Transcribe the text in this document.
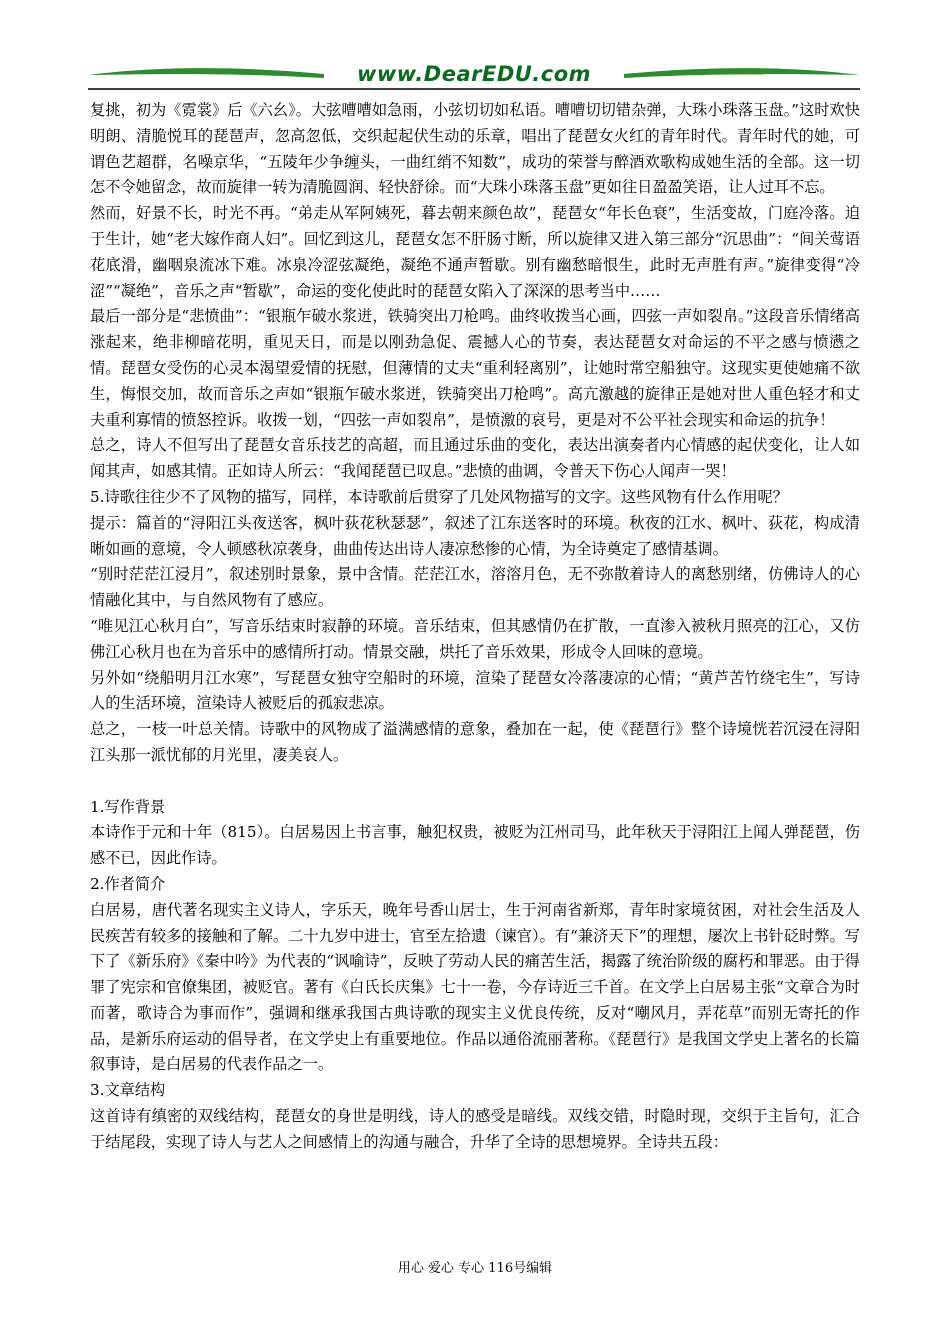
www.DearEDU.com

复挑，初为《霓裳》后《六幺》。大弦嘈嘈如急雨，小弦切切如私语。嘈嘈切切错杂弹，大珠小珠落玉盘。”这时欢快明朗、清脆悦耳的琵琶声，忽高忽低，交织起起伏生动的乐章，唱出了琵琶女火红的青年时代。青年时代的她，可谓色艺超群，名噪京华，“五陵年少争缠头，一曲红绡不知数”，成功的荣誉与醉酒欢歌构成她生活的全部。这一切怎不令她留念，故而旋律一转为清脆圆润、轻快舒徐。而“大珠小珠落玉盘”更如往日盈盈笑语，让人过耳不忘。

然而，好景不长，时光不再。“弟走从军阿姨死，暮去朝来颜色故”，琵琶女“年长色衰”，生活变故，门庭冷落。迫于生计，她“老大嫁作商人妇”。回忆到这儿，琵琶女怎不肝肠寸断，所以旋律又进入第三部分“沉思曲”：“间关莺语花底滑，幽咽泉流冰下难。冰泉冷涩弦凝绝，凝绝不通声暂歇。别有幽愁暗恨生，此时无声胜有声。”旋律变得“冷涩”“凝绝”，音乐之声“暂歇”，命运的变化使此时的琵琶女陷入了深深的思考当中……

最后一部分是“悲愤曲”：“银瓶乍破水浆迸，铁骑突出刀枪鸣。曲终收拨当心画，四弦一声如裂帛。”这段音乐情绪高涨起来，绝非柳暗花明，重见天日，而是以刚劲急促、震撼人心的节奏，表达琵琶女对命运的不平之感与愤懑之情。琵琶女受伤的心灵本渴望爱情的抚慰，但薄情的丈夫“重利轻离别”，让她时常空船独守。这现实更使她痛不欲生，悔恨交加，故而音乐之声如“银瓶乍破水浆迸，铁骑突出刀枪鸣”。高亢激越的旋律正是她对世人重色轻才和丈夫重利寡情的愤怒控诉。收拨一划，“四弦一声如裂帛”，是愤激的哀号，更是对不公平社会现实和命运的抗争！

总之，诗人不但写出了琵琶女音乐技艺的高超，而且通过乐曲的变化，表达出演奏者内心情感的起伏变化，让人如闻其声，如感其情。正如诗人所云：“我闻琵琶已叹息。”悲愤的曲调，令普天下伤心人闻声一哭！

5.诗歌往往少不了风物的描写，同样，本诗歌前后贯穿了几处风物描写的文字。这些风物有什么作用呢？

提示：篇首的“浔阳江头夜送客，枫叶荻花秋瑟瑟”，叙述了江东送客时的环境。秋夜的江水、枫叶、荻花，构成清晰如画的意境，令人顿感秋凉袭身，曲曲传达出诗人凄凉愁惨的心情，为全诗奠定了感情基调。

“别时茫茫江浸月”，叙述别时景象，景中含情。茫茫江水，溶溶月色，无不弥散着诗人的离愁别绪，仿佛诗人的心情融化其中，与自然风物有了感应。

“唯见江心秋月白”，写音乐结束时寂静的环境。音乐结束，但其感情仍在扩散，一直渗入被秋月照亮的江心，又仿佛江心秋月也在为音乐中的感情所打动。情景交融，烘托了音乐效果，形成令人回味的意境。

另外如“绕船明月江水寒”，写琵琶女独守空船时的环境，渲染了琵琶女冷落凄凉的心情；“黄芦苦竹绕宅生”，写诗人的生活环境，渲染诗人被贬后的孤寂悲凉。

总之，一枝一叶总关情。诗歌中的风物成了溢满感情的意象，叠加在一起，使《琵琶行》整个诗境恍若沉浸在浔阳江头那一派忧郁的月光里，凄美哀人。

1.写作背景

本诗作于元和十年（815）。白居易因上书言事，触犯权贵，被贬为江州司马，此年秋天于浔阳江上闻人弹琵琶，伤感不已，因此作诗。

2.作者简介

白居易，唐代著名现实主义诗人，字乐天，晚年号香山居士，生于河南省新郑，青年时家境贫困，对社会生活及人民疾苦有较多的接触和了解。二十九岁中进士，官至左拾遗（谏官）。有“兼济天下”的理想，屡次上书针砭时弊。写下了《新乐府》《秦中吟》为代表的“讽喻诗”，反映了劳动人民的痛苦生活，揭露了统治阶级的腐朽和罪恶。由于得罪了宪宗和官僚集团，被贬官。著有《白氏长庆集》七十一卷，今存诗近三千首。在文学上白居易主张“文章合为时而著，歌诗合为事而作”，强调和继承我国古典诗歌的现实主义优良传统，反对“嘲风月，弄花草”而别无寄托的作品，是新乐府运动的倡导者，在文学史上有重要地位。作品以通俗流丽著称。《琵琶行》是我国文学史上著名的长篇叙事诗，是白居易的代表作品之一。

3.文章结构

这首诗有缜密的双线结构，琵琶女的身世是明线，诗人的感受是暗线。双线交错，时隐时现，交织于主旨句，汇合于结尾段，实现了诗人与艺人之间感情上的沟通与融合，升华了全诗的思想境界。全诗共五段：

用心 爱心 专心 116号编辑
